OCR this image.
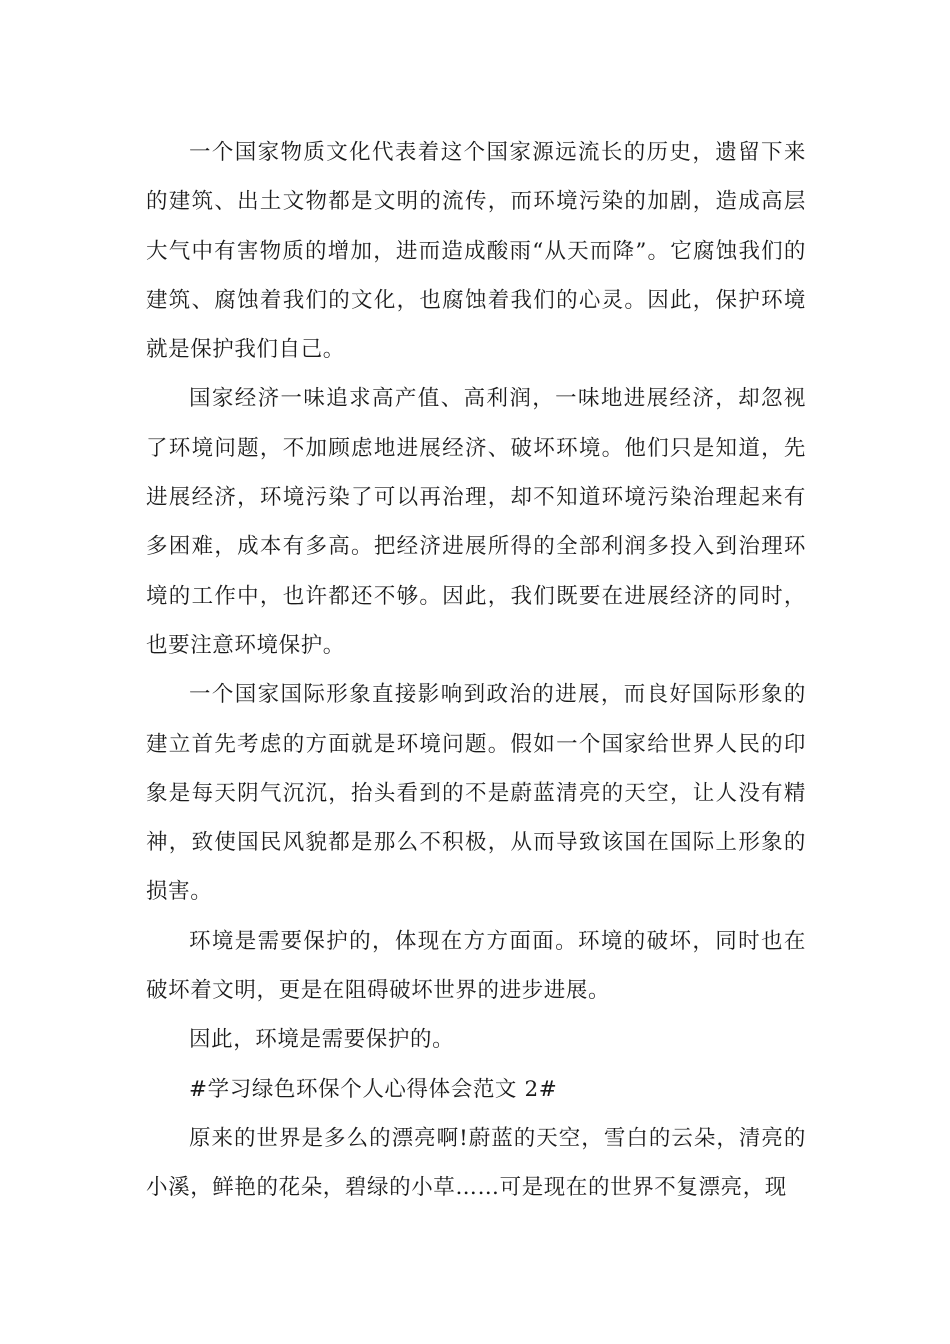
一个国家物质文化代表着这个国家源远流长的历史，遗留下来的建筑、出土文物都是文明的流传，而环境污染的加剧，造成高层大气中有害物质的增加，进而造成酸雨“从天而降”。它腐蚀我们的建筑、腐蚀着我们的文化，也腐蚀着我们的心灵。因此，保护环境就是保护我们自己。

国家经济一味追求高产值、高利润，一味地进展经济，却忽视了环境问题，不加顾虑地进展经济、破坏环境。他们只是知道，先进展经济，环境污染了可以再治理，却不知道环境污染治理起来有多困难，成本有多高。把经济进展所得的全部利润多投入到治理环境的工作中，也许都还不够。因此，我们既要在进展经济的同时，也要注意环境保护。

一个国家国际形象直接影响到政治的进展，而良好国际形象的建立首先考虑的方面就是环境问题。假如一个国家给世界人民的印象是每天阴气沉沉，抬头看到的不是蔚蓝清亮的天空，让人没有精神，致使国民风貌都是那么不积极，从而导致该国在国际上形象的损害。

环境是需要保护的，体现在方方面面。环境的破坏，同时也在破坏着文明，更是在阻碍破坏世界的进步进展。

因此，环境是需要保护的。

#学习绿色环保个人心得体会范文 2#

原来的世界是多么的漂亮啊!蔚蓝的天空，雪白的云朵，清亮的小溪，鲜艳的花朵，碧绿的小草……可是现在的世界不复漂亮，现
